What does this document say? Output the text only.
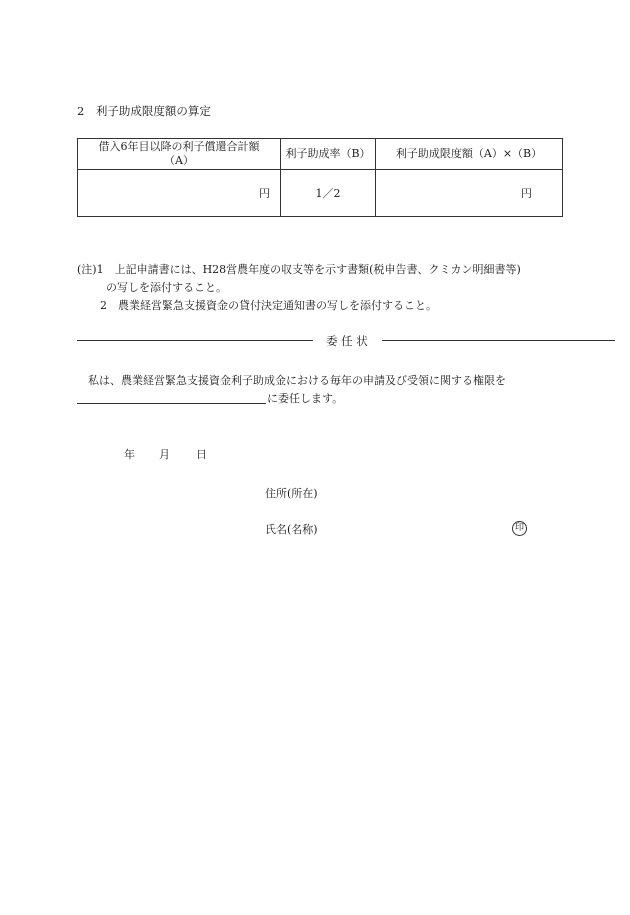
2　利子助成限度額の算定
借入6年目以降の利子償還合計額
（A）	利子助成率（B）	利子助成限度額（A）×（B）
円	1／2	円
(注)1　上記申請書には、H28営農年度の収支等を示す書類(税申告書、クミカン明細書等)
の写しを添付すること。
2　農業経営緊急支援資金の貸付決定通知書の写しを添付すること。
委 任 状
私は、農業経営緊急支援資金利子助成金における毎年の申請及び受領に関する権限を
に委任します。
年 月 日
住所(所在)
氏名(名称)	印
